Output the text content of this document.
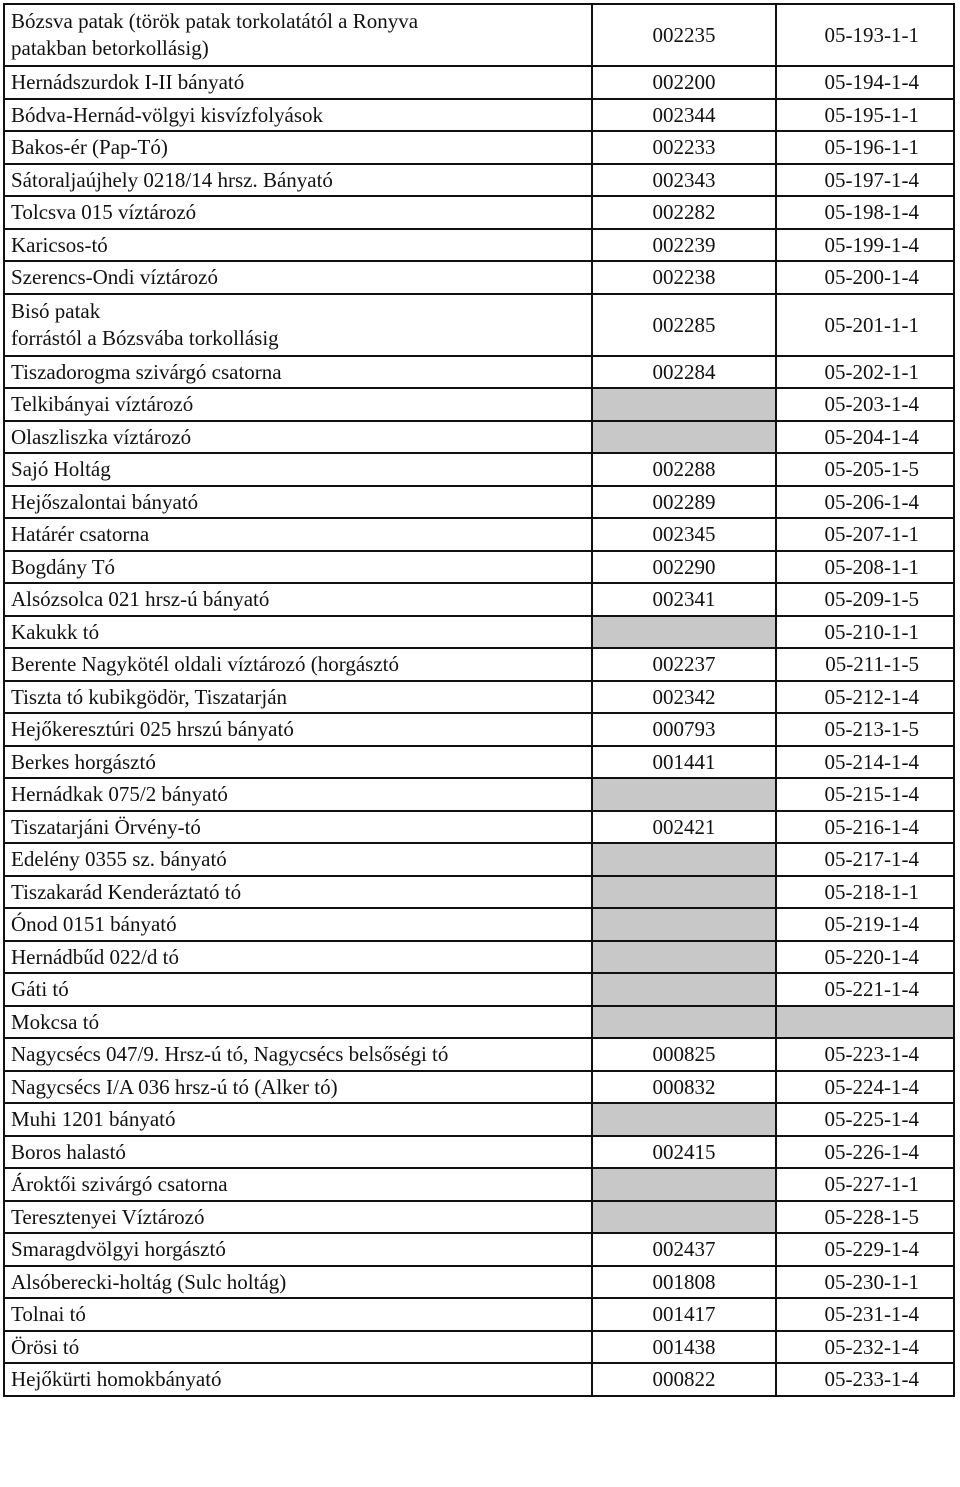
Bózsva patak (török patak torkolatától a Ronyva
patakban betorkollásig)	002235	05-193-1-1
Hernádszurdok I-II bányató	002200	05-194-1-4
Bódva-Hernád-völgyi kisvízfolyások	002344	05-195-1-1
Bakos-ér (Pap-Tó)	002233	05-196-1-1
Sátoraljaújhely 0218/14 hrsz. Bányató	002343	05-197-1-4
Tolcsva 015 víztározó	002282	05-198-1-4
Karicsos-tó	002239	05-199-1-4
Szerencs-Ondi víztározó	002238	05-200-1-4

Bisó patak
forrástól a Bózsvába torkollásig	002285	05-201-1-1
Tiszadorogma szivárgó csatorna	002284	05-202-1-1
Telkibányai víztározó		05-203-1-4
Olaszliszka víztározó		05-204-1-4
Sajó Holtág	002288	05-205-1-5
Hejőszalontai bányató	002289	05-206-1-4
Határér csatorna	002345	05-207-1-1
Bogdány Tó	002290	05-208-1-1
Alsózsolca 021 hrsz-ú bányató	002341	05-209-1-5
Kakukk tó		05-210-1-1
Berente Nagykötél oldali víztározó (horgásztó	002237	05-211-1-5
Tiszta tó kubikgödör, Tiszatarján	002342	05-212-1-4
Hejőkeresztúri 025 hrszú bányató	000793	05-213-1-5
Berkes horgásztó	001441	05-214-1-4
Hernádkak 075/2 bányató		05-215-1-4
Tiszatarjáni Örvény-tó	002421	05-216-1-4
Edelény 0355 sz. bányató		05-217-1-4
Tiszakarád Kenderáztató tó		05-218-1-1
Ónod 0151 bányató		05-219-1-4
Hernádbűd 022/d tó		05-220-1-4
Gáti tó		05-221-1-4
Mokcsa tó		
Nagycsécs 047/9. Hrsz-ú tó, Nagycsécs belsőségi tó	000825	05-223-1-4
Nagycsécs I/A 036 hrsz-ú tó (Alker tó)	000832	05-224-1-4
Muhi 1201 bányató		05-225-1-4
Boros halastó	002415	05-226-1-4
Ároktői szivárgó csatorna		05-227-1-1
Teresztenyei Víztározó		05-228-1-5
Smaragdvölgyi horgásztó	002437	05-229-1-4
Alsóberecki-holtág (Sulc holtág)	001808	05-230-1-1
Tolnai tó	001417	05-231-1-4
Örösi tó	001438	05-232-1-4
Hejőkürti homokbányató	000822	05-233-1-4
